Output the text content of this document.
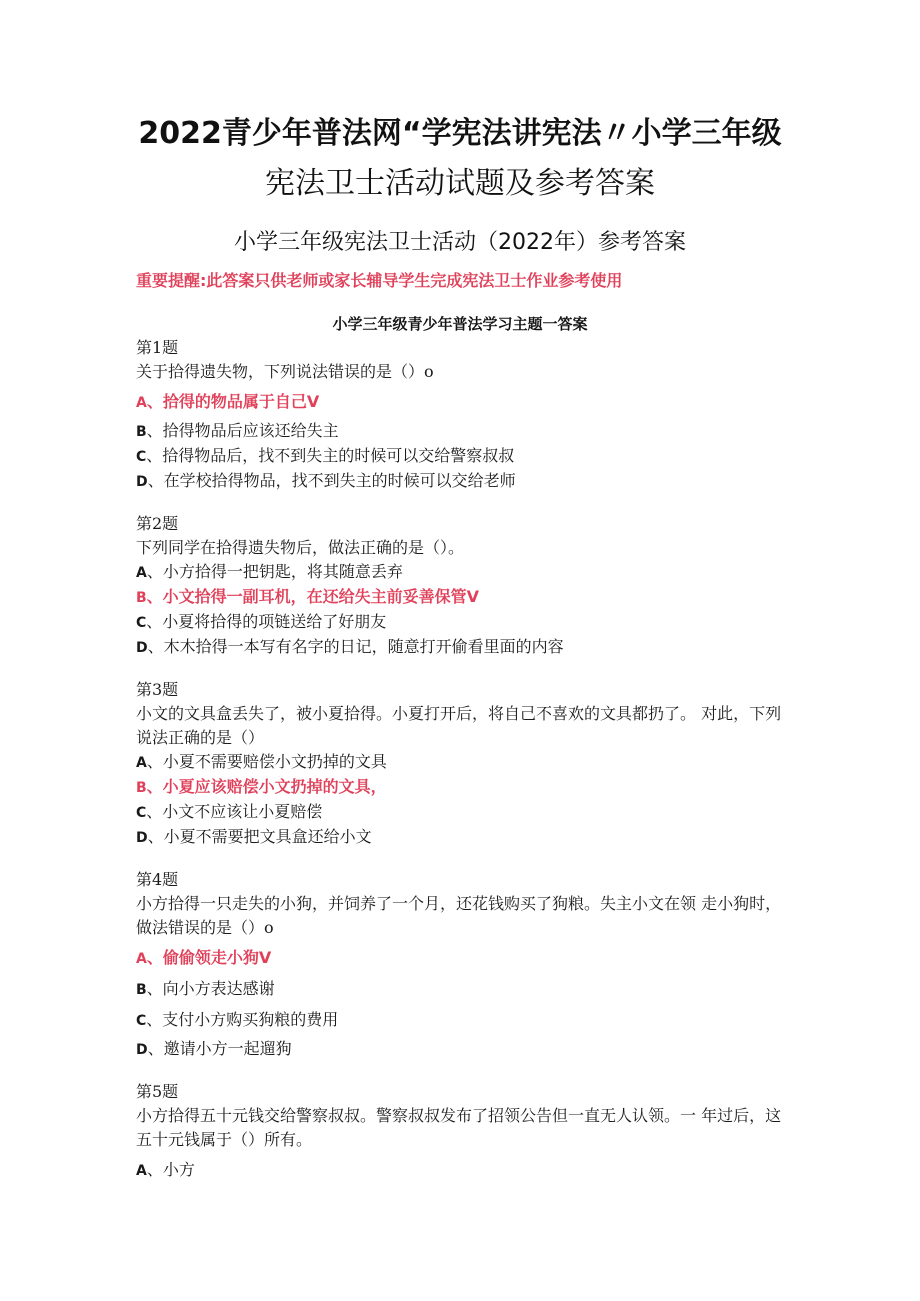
2022青少年普法网“学宪法讲宪法〃小学三年级
宪法卫士活动试题及参考答案
小学三年级宪法卫士活动（2022年）参考答案
重要提醒:此答案只供老师或家长辅导学生完成宪法卫士作业参考使用
小学三年级青少年普法学习主题一答案
第1题
关于拾得遗失物，下列说法错误的是（）o
A、拾得的物品属于自己V
B、拾得物品后应该还给失主
C、拾得物品后，找不到失主的时候可以交给警察叔叔
D、在学校拾得物品，找不到失主的时候可以交给老师
第2题
下列同学在拾得遗失物后，做法正确的是（）。
A、小方拾得一把钥匙，将其随意丢弃
B、小文拾得一副耳机，在还给失主前妥善保管V
C、小夏将拾得的项链送给了好朋友
D、木木拾得一本写有名字的日记，随意打开偷看里面的内容
第3题
小文的文具盒丢失了，被小夏拾得。小夏打开后，将自己不喜欢的文具都扔了。 对此，下列说法正确的是（）
A、小夏不需要赔偿小文扔掉的文具
B、小夏应该赔偿小文扔掉的文具，
C、小文不应该让小夏赔偿
D、小夏不需要把文具盒还给小文
第4题
小方拾得一只走失的小狗，并饲养了一个月，还花钱购买了狗粮。失主小文在领 走小狗时，做法错误的是（）o
A、偷偷领走小狗V
B、向小方表达感谢
C、支付小方购买狗粮的费用
D、邀请小方一起遛狗
第5题
小方拾得五十元钱交给警察叔叔。警察叔叔发布了招领公告但一直无人认领。一 年过后，这五十元钱属于（）所有。
A、小方
